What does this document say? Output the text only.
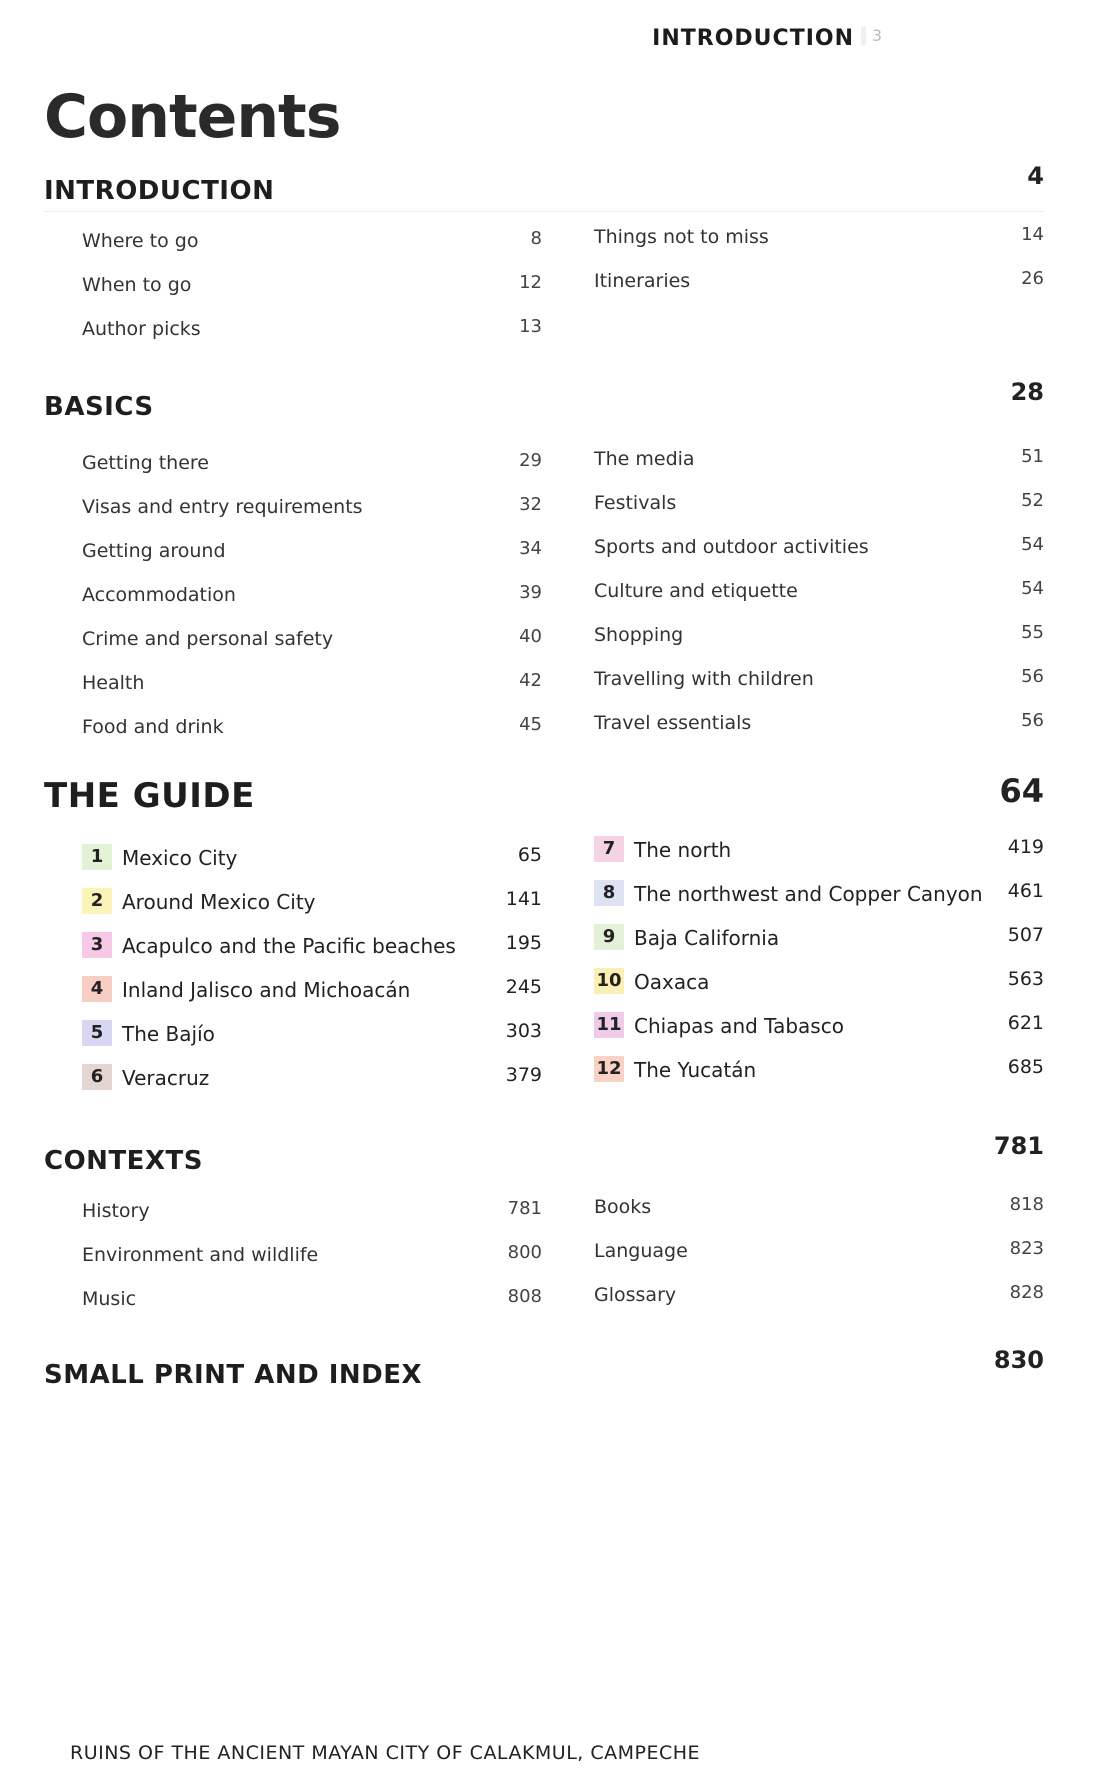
INTRODUCTION	3
Contents
INTRODUCTION	4
Where to go	8
When to go	12
Author picks	13
Things not to miss	14
Itineraries	26
BASICS	28
Getting there	29
Visas and entry requirements	32
Getting around	34
Accommodation	39
Crime and personal safety	40
Health	42
Food and drink	45
The media	51
Festivals	52
Sports and outdoor activities	54
Culture and etiquette	54
Shopping	55
Travelling with children	56
Travel essentials	56
THE GUIDE	64
1 Mexico City	65
2 Around Mexico City	141
3 Acapulco and the Pacific beaches	195
4 Inland Jalisco and Michoacán	245
5 The Bajío	303
6 Veracruz	379
7 The north	419
8 The northwest and Copper Canyon 461
9 Baja California	507
10 Oaxaca	563
11 Chiapas and Tabasco	621
12 The Yucatán	685
CONTEXTS	781
History	781
Environment and wildlife	800
Music	808
Books	818
Language	823
Glossary	828
SMALL PRINT AND INDEX	830
RUINS OF THE ANCIENT MAYAN CITY OF CALAKMUL, CAMPECHE
